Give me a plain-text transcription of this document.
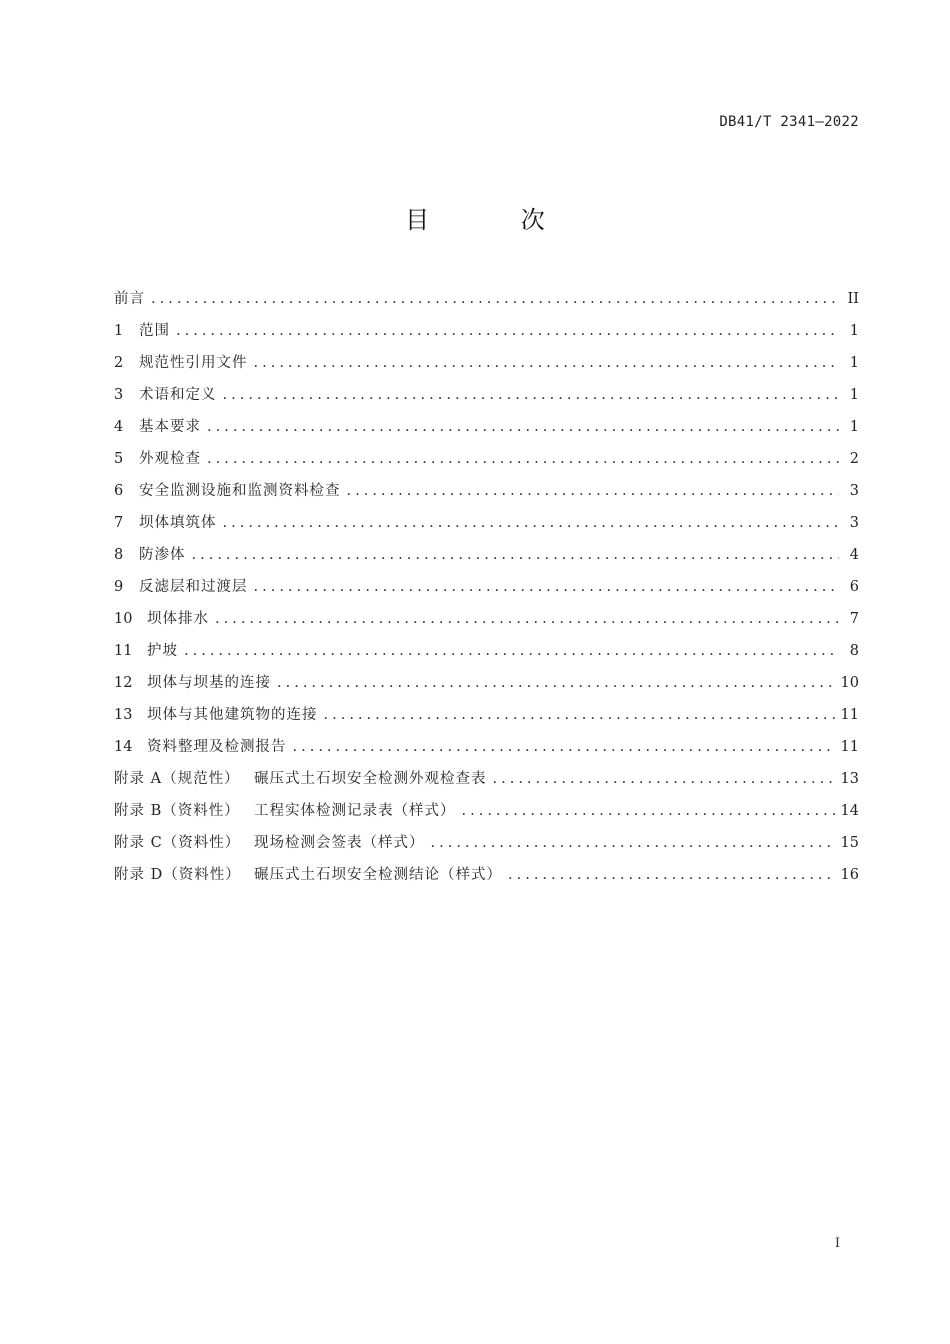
DB41/T 2341—2022
目 次
前言 .....	II
1	范围 .....	1
2	规范性引用文件 .....	1
3	术语和定义 .....	1
4	基本要求 .....	1
5	外观检查 .....	2
6	安全监测设施和监测资料检查 .....	3
7	坝体填筑体 .....	3
8	防渗体 .....	4
9	反滤层和过渡层 .....	6
10	坝体排水 .....	7
11	护坡 .....	8
12	坝体与坝基的连接 .....	10
13	坝体与其他建筑物的连接 .....	11
14	资料整理及检测报告 .....	11
附录 A（规范性） 碾压式土石坝安全检测外观检查表 .....	13
附录 B（资料性） 工程实体检测记录表（样式） .....	14
附录 C（资料性） 现场检测会签表（样式） .....	15
附录 D（资料性） 碾压式土石坝安全检测结论（样式） .....	16
I
